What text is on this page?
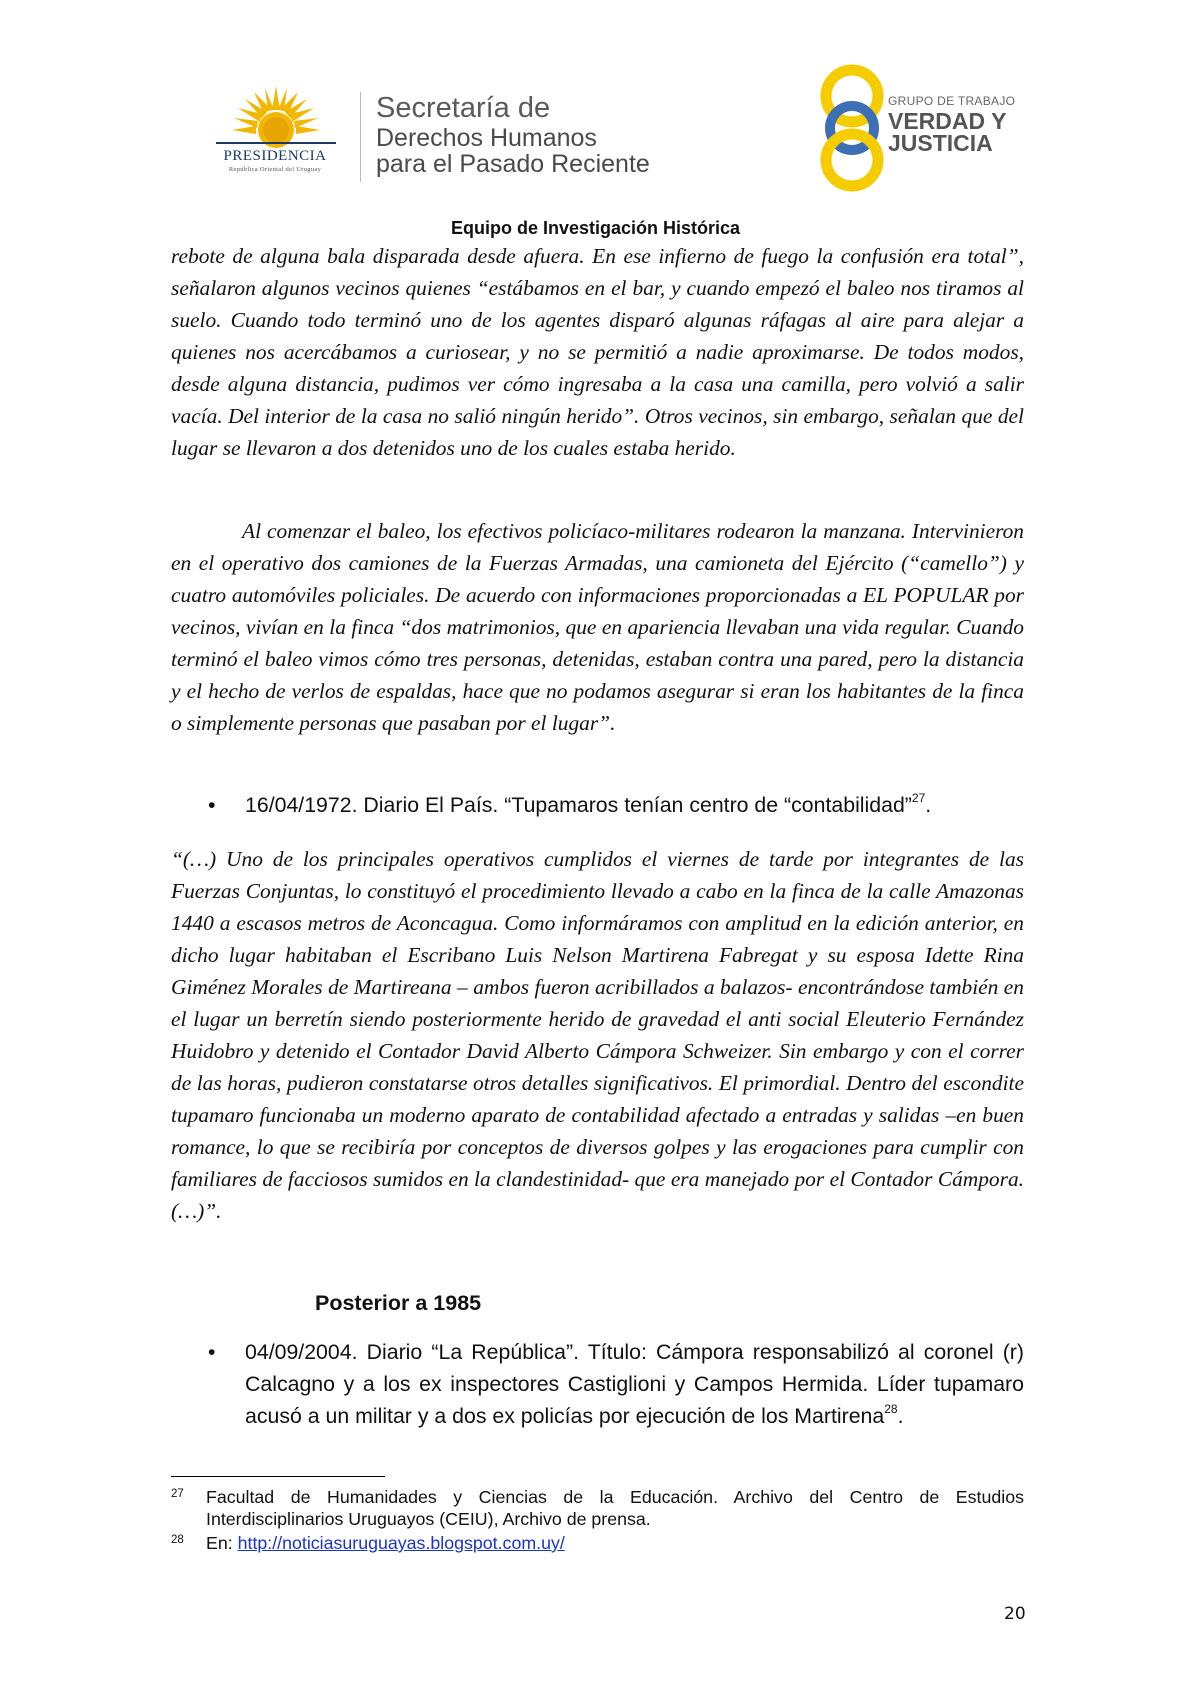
PRESIDENCIA
República Oriental del Uruguay
Secretaría de
Derechos Humanos
para el Pasado Reciente
GRUPO DE TRABAJO
VERDAD Y
JUSTICIA
Equipo de Investigación Histórica
rebote de alguna bala disparada desde afuera. En ese infierno de fuego la confusión era total”, señalaron algunos vecinos quienes “estábamos en el bar, y cuando empezó el baleo nos tiramos al suelo. Cuando todo terminó uno de los agentes disparó algunas ráfagas al aire para alejar a quienes nos acercábamos a curiosear, y no se permitió a nadie aproximarse. De todos modos, desde alguna distancia, pudimos ver cómo ingresaba a la casa una camilla, pero volvió a salir vacía. Del interior de la casa no salió ningún herido”. Otros vecinos, sin embargo, señalan que del lugar se llevaron a dos detenidos uno de los cuales estaba herido.
Al comenzar el baleo, los efectivos policíaco-militares rodearon la manzana. Intervinieron en el operativo dos camiones de la Fuerzas Armadas, una camioneta del Ejército (“camello”) y cuatro automóviles policiales. De acuerdo con informaciones proporcionadas a EL POPULAR por vecinos, vivían en la finca “dos matrimonios, que en apariencia llevaban una vida regular. Cuando terminó el baleo vimos cómo tres personas, detenidas, estaban contra una pared, pero la distancia y el hecho de verlos de espaldas, hace que no podamos asegurar si eran los habitantes de la finca o simplemente personas que pasaban por el lugar”.
•	16/04/1972. Diario El País. “Tupamaros tenían centro de “contabilidad”$^{27}$.
“(…) Uno de los principales operativos cumplidos el viernes de tarde por integrantes de las Fuerzas Conjuntas, lo constituyó el procedimiento llevado a cabo en la finca de la calle Amazonas 1440 a escasos metros de Aconcagua. Como informáramos con amplitud en la edición anterior, en dicho lugar habitaban el Escribano Luis Nelson Martirena Fabregat y su esposa Idette Rina Giménez Morales de Martireana – ambos fueron acribillados a balazos- encontrándose también en el lugar un berretín siendo posteriormente herido de gravedad el anti social Eleuterio Fernández Huidobro y detenido el Contador David Alberto Cámpora Schweizer. Sin embargo y con el correr de las horas, pudieron constatarse otros detalles significativos. El primordial. Dentro del escondite tupamaro funcionaba un moderno aparato de contabilidad afectado a entradas y salidas –en buen romance, lo que se recibiría por conceptos de diversos golpes y las erogaciones para cumplir con familiares de facciosos sumidos en la clandestinidad- que era manejado por el Contador Cámpora. (…)”.
Posterior a 1985
•	04/09/2004. Diario “La República”. Título: Cámpora responsabilizó al coronel (r) Calcagno y a los ex inspectores Castiglioni y Campos Hermida. Líder tupamaro acusó a un militar y a dos ex policías por ejecución de los Martirena$^{28}$.
27 Facultad de Humanidades y Ciencias de la Educación. Archivo del Centro de Estudios Interdisciplinarios Uruguayos (CEIU), Archivo de prensa.
28 En: http://noticiasuruguayas.blogspot.com.uy/
20
